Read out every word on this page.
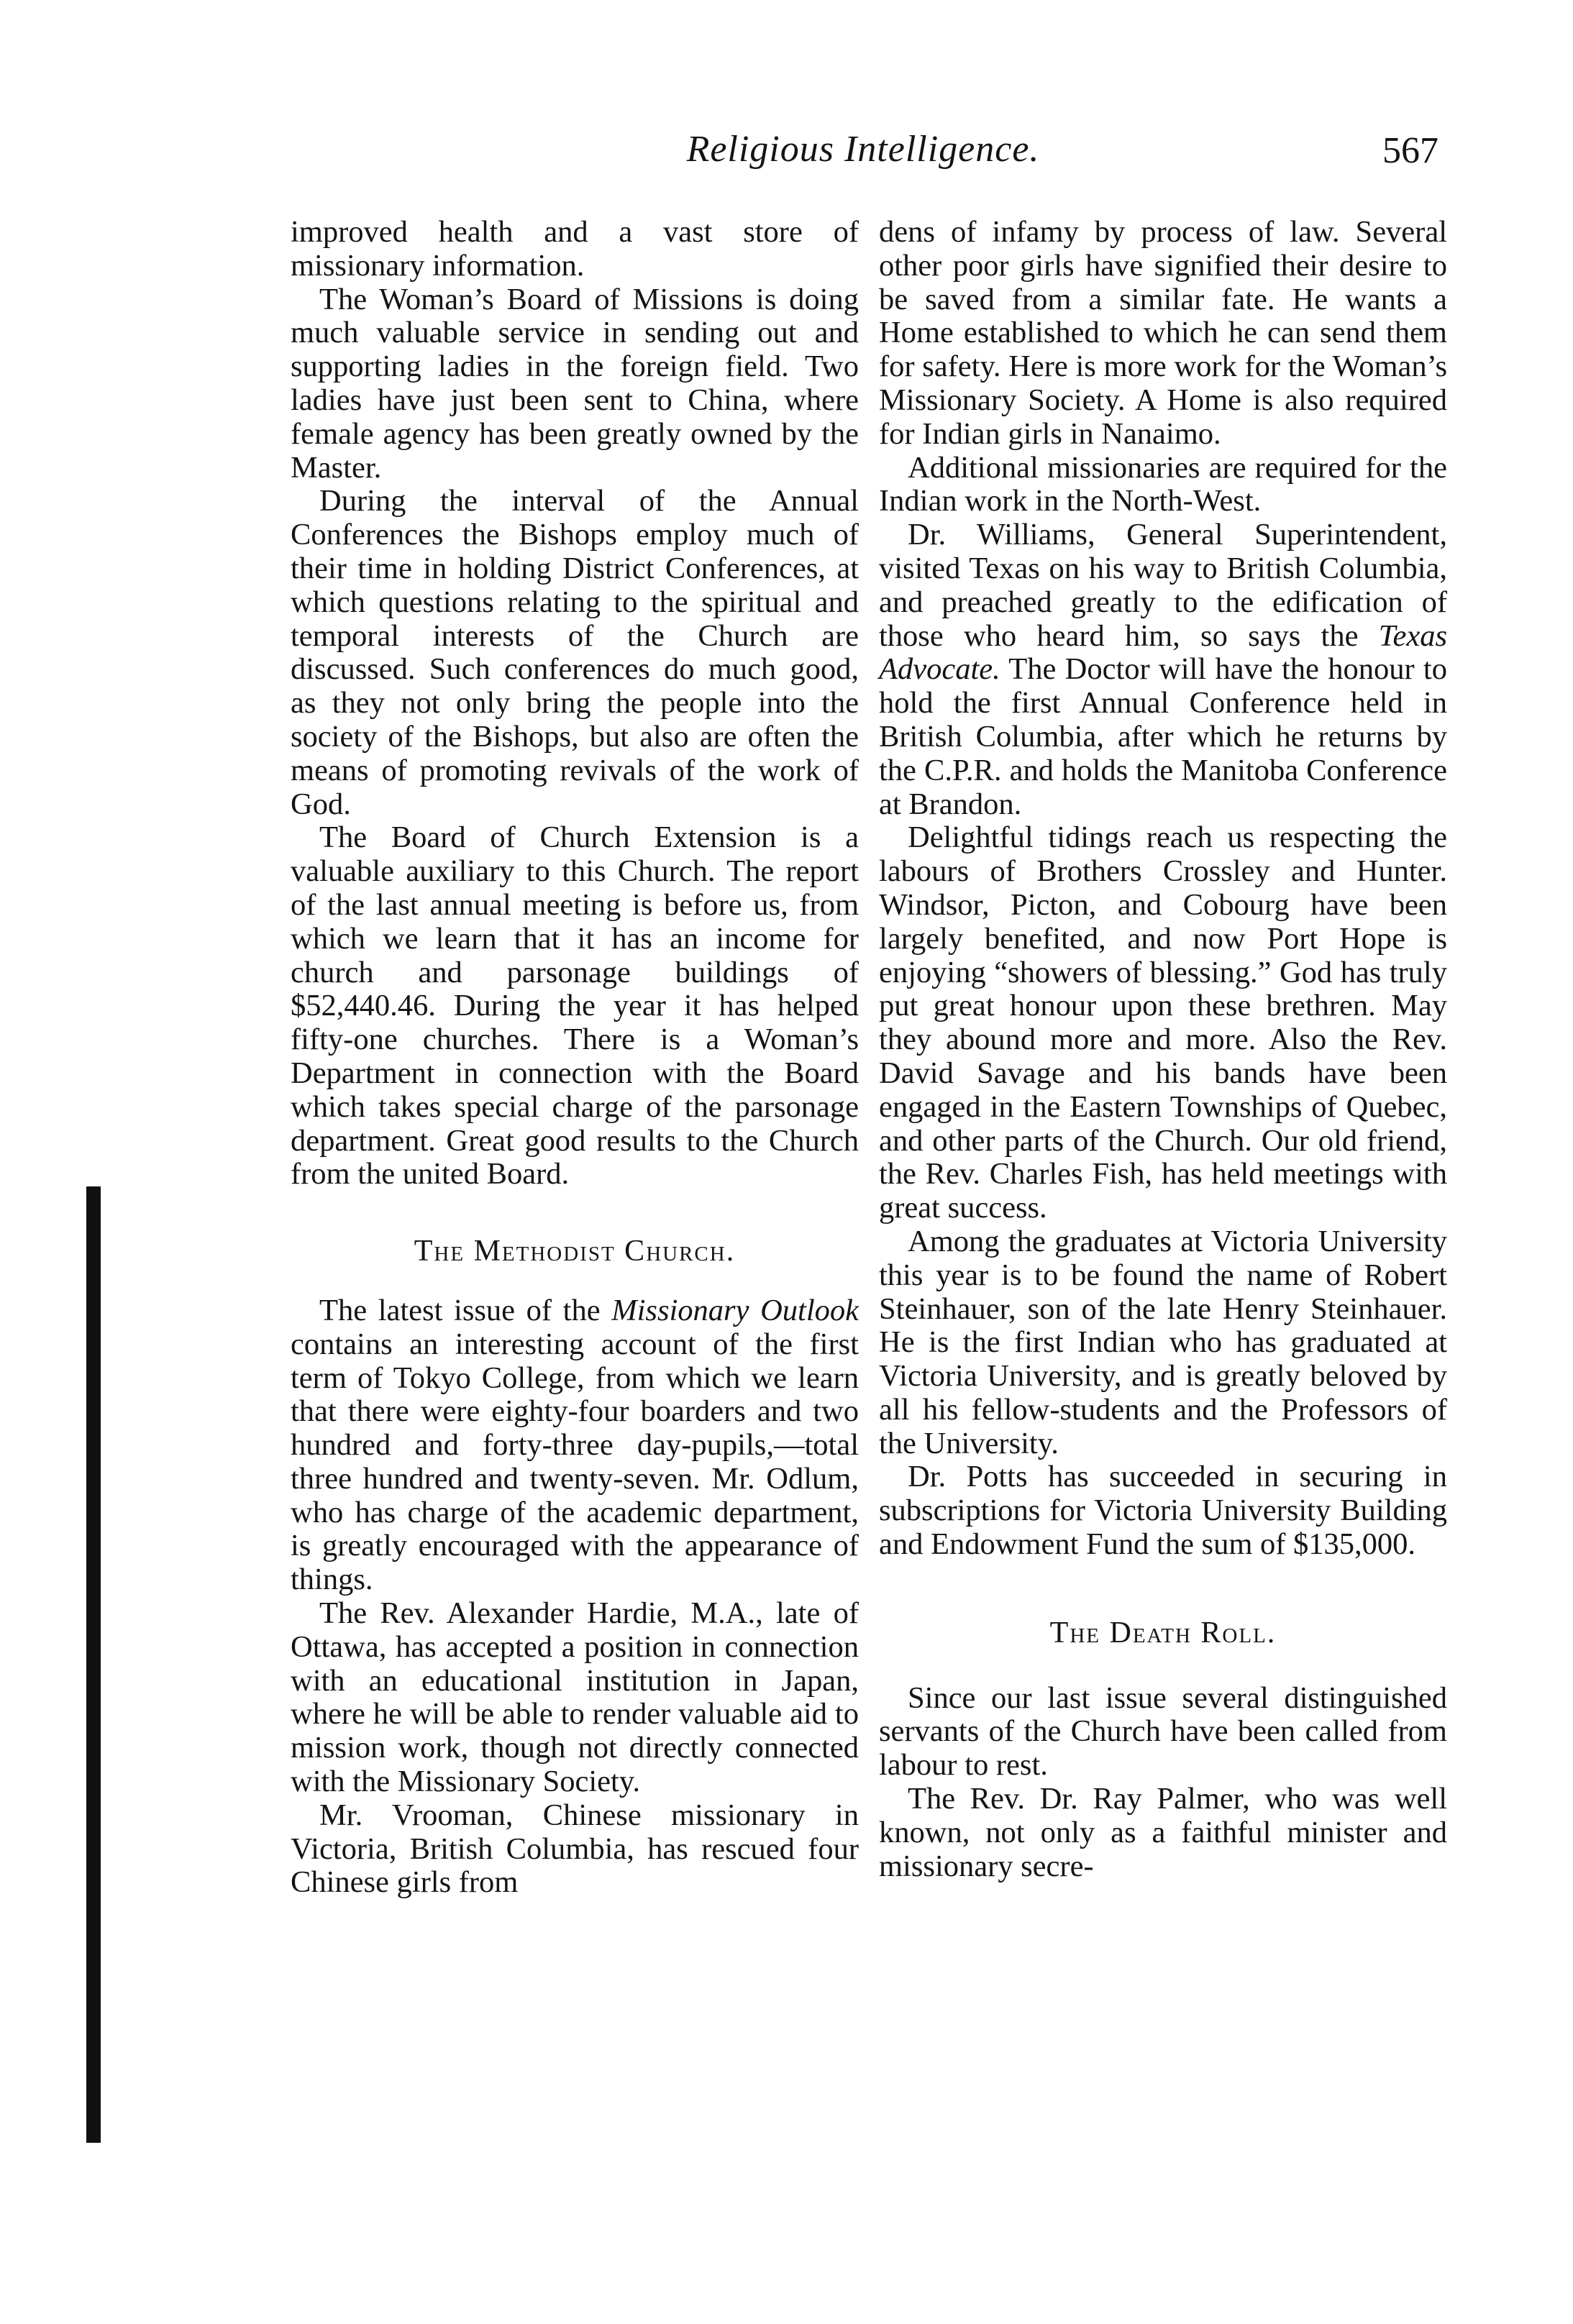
Religious Intelligence.	567

improved health and a vast store of missionary information.

The Woman’s Board of Missions is doing much valuable service in sending out and supporting ladies in the foreign field. Two ladies have just been sent to China, where female agency has been greatly owned by the Master.

During the interval of the Annual Conferences the Bishops employ much of their time in holding District Conferences, at which questions relating to the spiritual and temporal interests of the Church are discussed. Such conferences do much good, as they not only bring the people into the society of the Bishops, but also are often the means of promoting revivals of the work of God.

The Board of Church Extension is a valuable auxiliary to this Church. The report of the last annual meeting is before us, from which we learn that it has an income for church and parsonage buildings of $52,440.46. During the year it has helped fifty-one churches. There is a Woman’s Department in connection with the Board which takes special charge of the parsonage department. Great good results to the Church from the united Board.

The Methodist Church.

The latest issue of the Missionary Outlook contains an interesting account of the first term of Tokyo College, from which we learn that there were eighty-four boarders and two hundred and forty-three day-pupils,—total three hundred and twenty-seven. Mr. Odlum, who has charge of the academic department, is greatly encouraged with the appearance of things.

The Rev. Alexander Hardie, M.A., late of Ottawa, has accepted a position in connection with an educational institution in Japan, where he will be able to render valuable aid to mission work, though not directly connected with the Missionary Society.

Mr. Vrooman, Chinese missionary in Victoria, British Columbia, has rescued four Chinese girls from

dens of infamy by process of law. Several other poor girls have signified their desire to be saved from a similar fate. He wants a Home established to which he can send them for safety. Here is more work for the Woman’s Missionary Society. A Home is also required for Indian girls in Nanaimo.

Additional missionaries are required for the Indian work in the North-West.

Dr. Williams, General Superintendent, visited Texas on his way to British Columbia, and preached greatly to the edification of those who heard him, so says the Texas Advocate. The Doctor will have the honour to hold the first Annual Conference held in British Columbia, after which he returns by the C.P.R. and holds the Manitoba Conference at Brandon.

Delightful tidings reach us respecting the labours of Brothers Crossley and Hunter. Windsor, Picton, and Cobourg have been largely benefited, and now Port Hope is enjoying “showers of blessing.” God has truly put great honour upon these brethren. May they abound more and more. Also the Rev. David Savage and his bands have been engaged in the Eastern Townships of Quebec, and other parts of the Church. Our old friend, the Rev. Charles Fish, has held meetings with great success.

Among the graduates at Victoria University this year is to be found the name of Robert Steinhauer, son of the late Henry Steinhauer. He is the first Indian who has graduated at Victoria University, and is greatly beloved by all his fellow-students and the Professors of the University.

Dr. Potts has succeeded in securing in subscriptions for Victoria University Building and Endowment Fund the sum of $135,000.

The Death Roll.

Since our last issue several distinguished servants of the Church have been called from labour to rest.

The Rev. Dr. Ray Palmer, who was well known, not only as a faithful minister and missionary secre-
